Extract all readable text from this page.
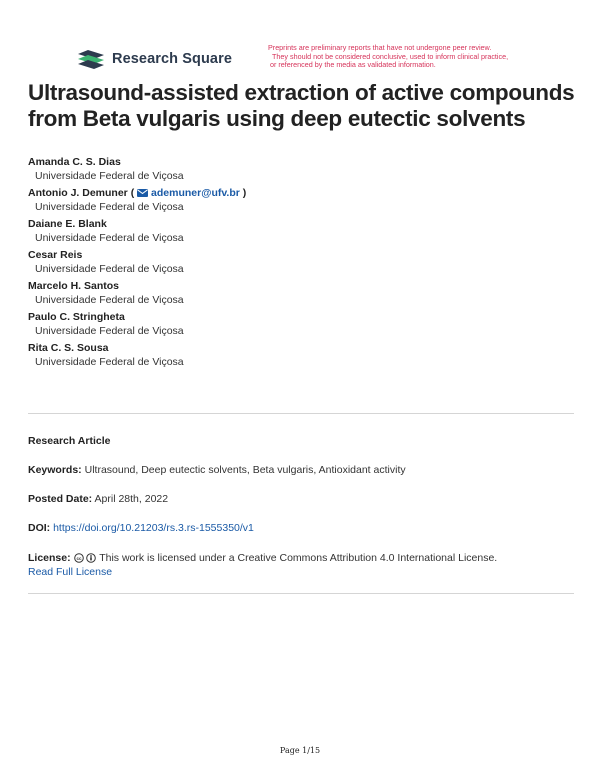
Research Square
Preprints are preliminary reports that have not undergone peer review.
They should not be considered conclusive, used to inform clinical practice,
or referenced by the media as validated information.
Ultrasound-assisted extraction of active compounds from Beta vulgaris using deep eutectic solvents
Amanda C. S. Dias
Universidade Federal de Viçosa
Antonio J. Demuner ( ademuner@ufv.br )
Universidade Federal de Viçosa
Daiane E. Blank
Universidade Federal de Viçosa
Cesar Reis
Universidade Federal de Viçosa
Marcelo H. Santos
Universidade Federal de Viçosa
Paulo C. Stringheta
Universidade Federal de Viçosa
Rita C. S. Sousa
Universidade Federal de Viçosa
Research Article
Keywords: Ultrasound, Deep eutectic solvents, Beta vulgaris, Antioxidant activity
Posted Date: April 28th, 2022
DOI: https://doi.org/10.21203/rs.3.rs-1555350/v1
License: cc This work is licensed under a Creative Commons Attribution 4.0 International License.
Read Full License
Page 1/15
